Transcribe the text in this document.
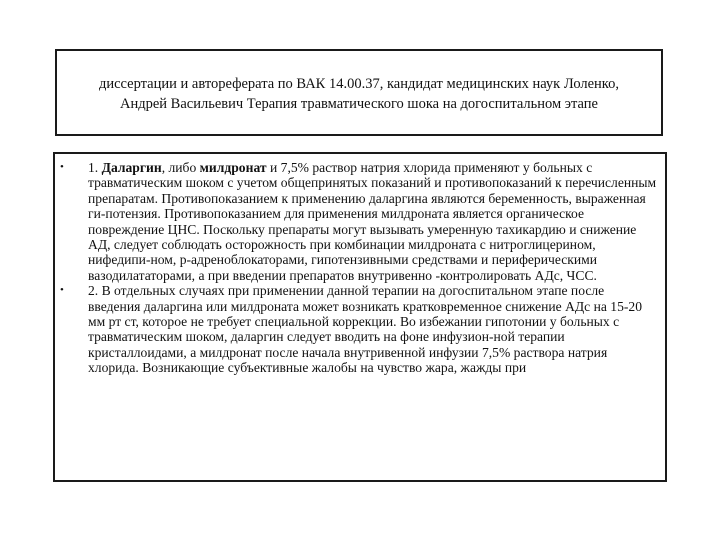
диссертации и автореферата по ВАК 14.00.37, кандидат медицинских наук Лоленко,
Андрей Васильевич Терапия травматического шока на догоспитальном этапе
• 1. Даларгин, либо милдронат и 7,5% раствор натрия хлорида применяют у больных с травматическим шоком с учетом общепринятых показаний и противопоказаний к перечисленным препаратам. Противопоказанием к применению даларгина являются беременность, выраженная ги-потензия. Противопоказанием для применения милдроната является органическое повреждение ЦНС. Поскольку препараты могут вызывать умеренную тахикардию и снижение АД, следует соблюдать осторожность при комбинации милдроната с нитроглицерином, нифедипи-ном, р-адреноблокаторами, гипотензивными средствами и периферическими вазодилататорами, а при введении препаратов внутривенно -контролировать АДс, ЧСС.
• 2. В отдельных случаях при применении данной терапии на догоспитальном этапе после введения даларгина или милдроната может возникать кратковременное снижение АДс на 15-20 мм рт ст, которое не требует специальной коррекции. Во избежании гипотонии у больных с травматическим шоком, даларгин следует вводить на фоне инфузион-ной терапии кристаллоидами, а милдронат после начала внутривенной инфузии 7,5% раствора натрия хлорида. Возникающие субъективные жалобы на чувство жара, жажды при
